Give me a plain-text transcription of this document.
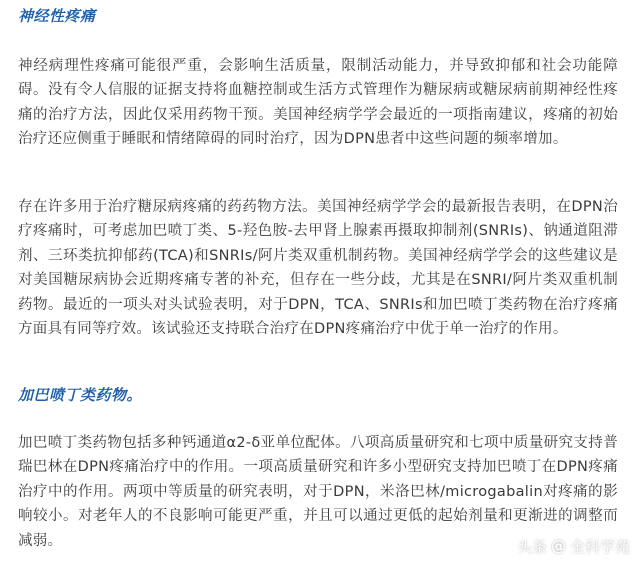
神经性疼痛

神经病理性疼痛可能很严重，会影响生活质量，限制活动能力，并导致抑郁和社会功能障碍。没有令人信服的证据支持将血糖控制或生活方式管理作为糖尿病或糖尿病前期神经性疼痛的治疗方法，因此仅采用药物干预。美国神经病学学会最近的一项指南建议，疼痛的初始治疗还应侧重于睡眠和情绪障碍的同时治疗，因为DPN患者中这些问题的频率增加。

存在许多用于治疗糖尿病疼痛的药药物方法。美国神经病学学会的最新报告表明，在DPN治疗疼痛时，可考虑加巴喷丁类、5-羟色胺-去甲肾上腺素再摄取抑制剂(SNRIs)、钠通道阻滞剂、三环类抗抑郁药(TCA)和SNRIs/阿片类双重机制药物。美国神经病学学会的这些建议是对美国糖尿病协会近期疼痛专著的补充，但存在一些分歧，尤其是在SNRI/阿片类双重机制药物。最近的一项头对头试验表明，对于DPN，TCA、SNRIs和加巴喷丁类药物在治疗疼痛方面具有同等疗效。该试验还支持联合治疗在DPN疼痛治疗中优于单一治疗的作用。

加巴喷丁类药物。

加巴喷丁类药物包括多种钙通道α2-δ亚单位配体。八项高质量研究和七项中质量研究支持普瑞巴林在DPN疼痛治疗中的作用。一项高质量研究和许多小型研究支持加巴喷丁在DPN疼痛治疗中的作用。两项中等质量的研究表明，对于DPN，米洛巴林/microgabalin对疼痛的影响较小。对老年人的不良影响可能更严重，并且可以通过更低的起始剂量和更渐进的调整而减弱。	头条 @ 全科学苑
